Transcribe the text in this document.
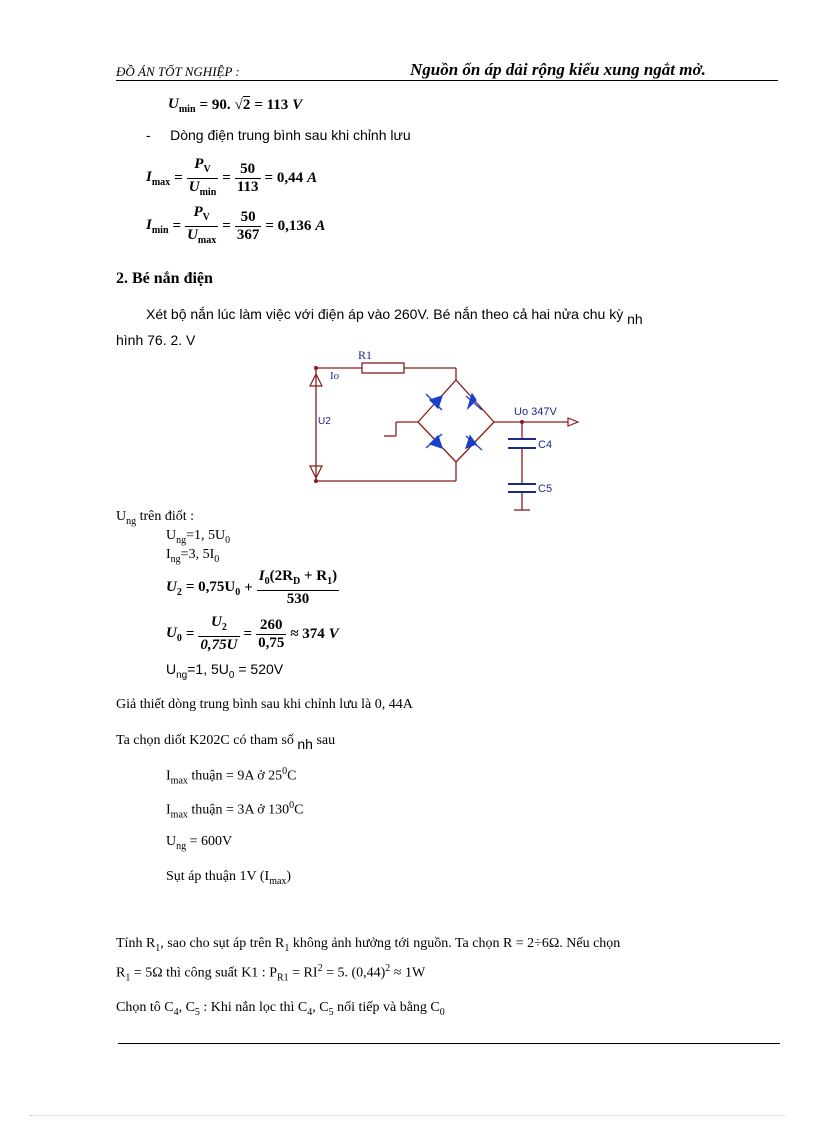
ĐỒ ÁN TỐT NGHIỆP :	Nguồn ổn áp dải rộng kiểu xung ngắt mở.
$U_{min} = 90$. √2 = 113 V
- Dòng điện trung bình sau khi chỉnh lưu
$I_{max} = \frac{P_V}{U_{min}} = \frac{50}{113} = 0,44$ A
$I_{min} = \frac{P_V}{U_{max}} = \frac{50}{367} = 0,136$ A
2. Bé nắn điện
Xét bộ nắn lúc làm việc với điện áp vào 260V. Bé nắn theo cả hai nửa chu kỳ nh
hình 76. 2. V
R1
Io
U2
Uo 347V
C4
C5
$U_{ng}$ trên điốt :
$U_{ng}=1$, $5U_0$
$I_{ng}=3$, $5I_0$
$U_2 = 0,75U_0 + \frac{I_0(2R_D + R_1)}{530}$
$U_0 = \frac{U_2}{0,75U} = \frac{260}{0,75} \approx 374$ V
$U_{ng}=1$, $5U_0 = 520V$
Giả thiết dòng trung bình sau khi chỉnh lưu là 0, 44A
Ta chọn diốt K202C có tham số nh sau
$I_{max}$ thuận = 9A ở $25^0C$
$I_{max}$ thuận = 3A ở $130^0C$
$U_{ng} = 600V$
Sụt áp thuận 1V $(I_{max})$
Tính $R_1$, sao cho sụt áp trên $R_1$ không ảnh hưởng tới nguồn. Ta chọn R = 2÷6Ω. Nếu chọn
$R_1 = 5\Omega$ thì công suất K1 : $P_{R1} = RI^2 = 5$. $(0,44)^2 \approx 1W$
Chọn tô $C_4$, $C_5$ : Khi nắn lọc thì $C_4$, $C_5$ nối tiếp và bằng $C_0$
